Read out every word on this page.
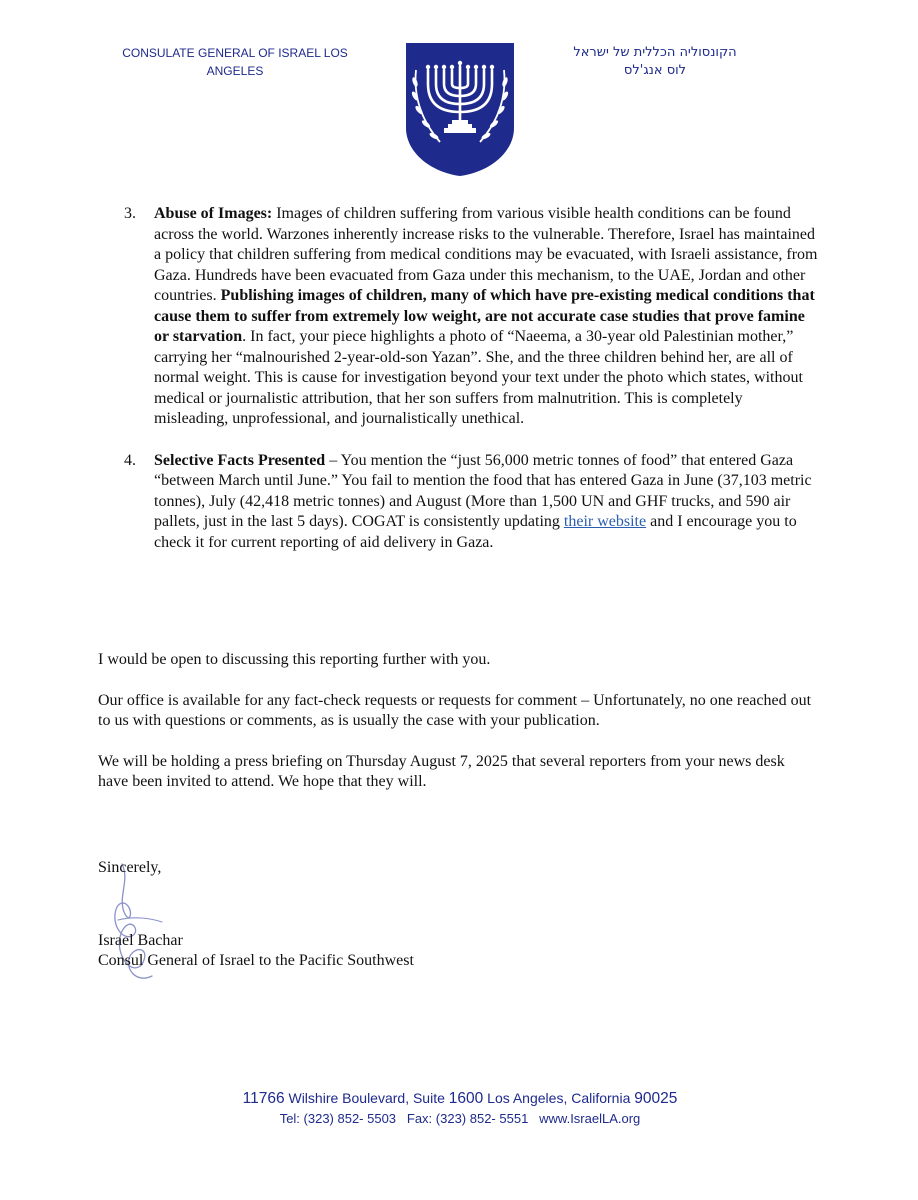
CONSULATE GENERAL OF ISRAEL LOS ANGELES
הקונסוליה הכללית של ישראל
לוס אנג'לס
3. Abuse of Images: Images of children suffering from various visible health conditions can be found across the world. Warzones inherently increase risks to the vulnerable. Therefore, Israel has maintained a policy that children suffering from medical conditions may be evacuated, with Israeli assistance, from Gaza. Hundreds have been evacuated from Gaza under this mechanism, to the UAE, Jordan and other countries. Publishing images of children, many of which have pre-existing medical conditions that cause them to suffer from extremely low weight, are not accurate case studies that prove famine or starvation. In fact, your piece highlights a photo of “Naeema, a 30-year old Palestinian mother,” carrying her “malnourished 2-year-old-son Yazan”. She, and the three children behind her, are all of normal weight. This is cause for investigation beyond your text under the photo which states, without medical or journalistic attribution, that her son suffers from malnutrition. This is completely misleading, unprofessional, and journalistically unethical.
4. Selective Facts Presented – You mention the “just 56,000 metric tonnes of food” that entered Gaza “between March until June.” You fail to mention the food that has entered Gaza in June (37,103 metric tonnes), July (42,418 metric tonnes) and August (More than 1,500 UN and GHF trucks, and 590 air pallets, just in the last 5 days). COGAT is consistently updating their website and I encourage you to check it for current reporting of aid delivery in Gaza.

I would be open to discussing this reporting further with you.

Our office is available for any fact-check requests or requests for comment – Unfortunately, no one reached out to us with questions or comments, as is usually the case with your publication.

We will be holding a press briefing on Thursday August 7, 2025 that several reporters from your news desk have been invited to attend. We hope that they will.

Sincerely,
Israel Bachar
Consul General of Israel to the Pacific Southwest
11766 Wilshire Boulevard, Suite 1600 Los Angeles, California 90025
Tel: (323) 852- 5503 Fax: (323) 852- 5551 www.IsraelLA.org
